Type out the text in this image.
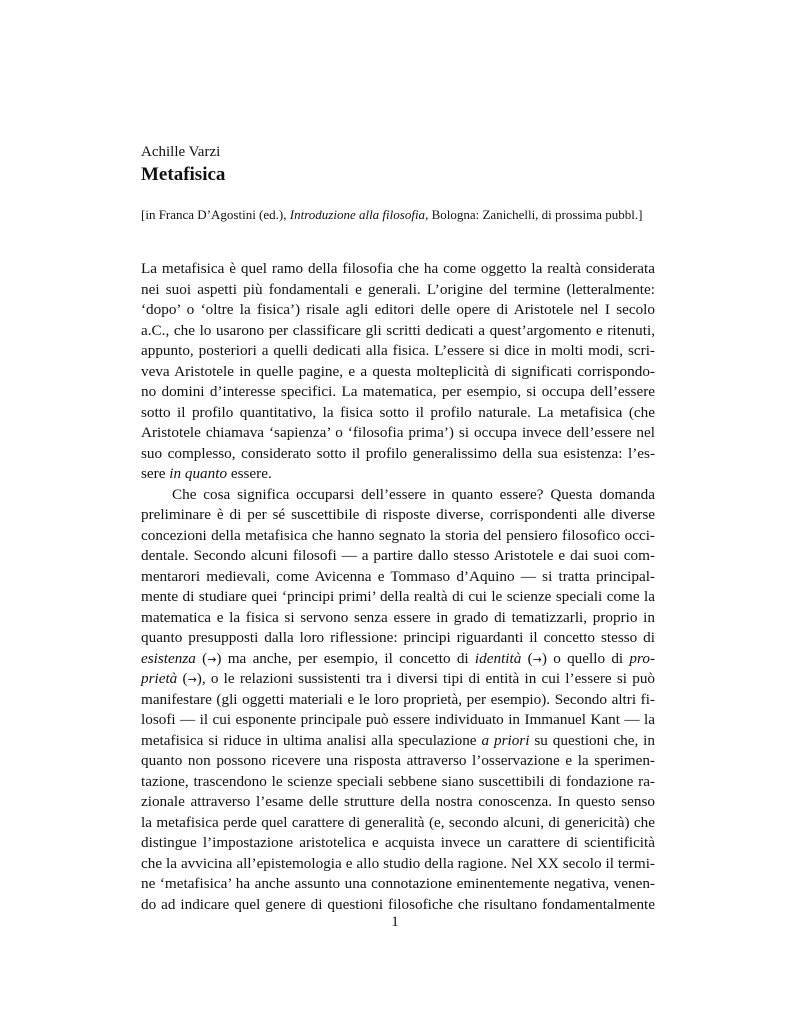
Achille Varzi
Metafisica
[in Franca D’Agostini (ed.), Introduzione alla filosofia, Bologna: Zanichelli, di prossima pubbl.]
La metafisica è quel ramo della filosofia che ha come oggetto la realtà considerata
nei suoi aspetti più fondamentali e generali. L’origine del termine (letteralmente:
‘dopo’ o ‘oltre la fisica’) risale agli editori delle opere di Aristotele nel I secolo
a.C., che lo usarono per classificare gli scritti dedicati a quest’argomento e ritenuti,
appunto, posteriori a quelli dedicati alla fisica. L’essere si dice in molti modi, scri-
veva Aristotele in quelle pagine, e a questa molteplicità di significati corrispondo-
no domini d’interesse specifici. La matematica, per esempio, si occupa dell’essere
sotto il profilo quantitativo, la fisica sotto il profilo naturale. La metafisica (che
Aristotele chiamava ‘sapienza’ o ‘filosofia prima’) si occupa invece dell’essere nel
suo complesso, considerato sotto il profilo generalissimo della sua esistenza: l’es-
sere in quanto essere.
Che cosa significa occuparsi dell’essere in quanto essere? Questa domanda
preliminare è di per sé suscettibile di risposte diverse, corrispondenti alle diverse
concezioni della metafisica che hanno segnato la storia del pensiero filosofico occi-
dentale. Secondo alcuni filosofi — a partire dallo stesso Aristotele e dai suoi com-
mentarori medievali, come Avicenna e Tommaso d’Aquino — si tratta principal-
mente di studiare quei ‘principi primi’ della realtà di cui le scienze speciali come la
matematica e la fisica si servono senza essere in grado di tematizzarli, proprio in
quanto presupposti dalla loro riflessione: principi riguardanti il concetto stesso di
esistenza (→) ma anche, per esempio, il concetto di identità (→) o quello di pro-
prietà (→), o le relazioni sussistenti tra i diversi tipi di entità in cui l’essere si può
manifestare (gli oggetti materiali e le loro proprietà, per esempio). Secondo altri fi-
losofi — il cui esponente principale può essere individuato in Immanuel Kant — la
metafisica si riduce in ultima analisi alla speculazione a priori su questioni che, in
quanto non possono ricevere una risposta attraverso l’osservazione e la sperimen-
tazione, trascendono le scienze speciali sebbene siano suscettibili di fondazione ra-
zionale attraverso l’esame delle strutture della nostra conoscenza. In questo senso
la metafisica perde quel carattere di generalità (e, secondo alcuni, di genericità) che
distingue l’impostazione aristotelica e acquista invece un carattere di scientificità
che la avvicina all’epistemologia e allo studio della ragione. Nel XX secolo il termi-
ne ‘metafisica’ ha anche assunto una connotazione eminentemente negativa, venen-
do ad indicare quel genere di questioni filosofiche che risultano fondamentalmente
1
